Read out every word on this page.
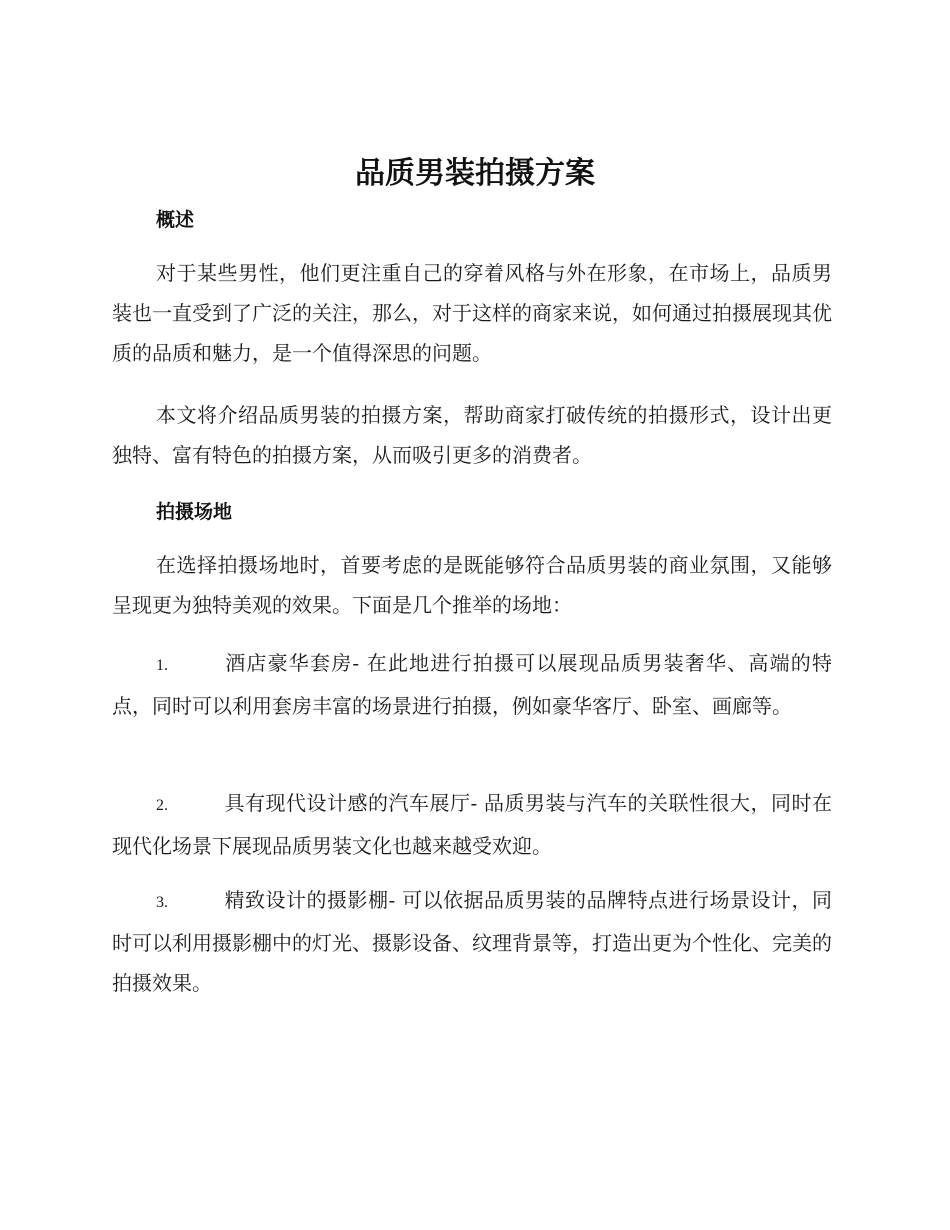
品质男装拍摄方案
概述

对于某些男性，他们更注重自己的穿着风格与外在形象，在市场上，品质男装也一直受到了广泛的关注，那么，对于这样的商家来说，如何通过拍摄展现其优质的品质和魅力，是一个值得深思的问题。

本文将介绍品质男装的拍摄方案，帮助商家打破传统的拍摄形式，设计出更独特、富有特色的拍摄方案，从而吸引更多的消费者。

拍摄场地

在选择拍摄场地时，首要考虑的是既能够符合品质男装的商业氛围，又能够呈现更为独特美观的效果。下面是几个推举的场地：

1.	酒店豪华套房- 在此地进行拍摄可以展现品质男装奢华、高端的特点，同时可以利用套房丰富的场景进行拍摄，例如豪华客厅、卧室、画廊等。

2.	具有现代设计感的汽车展厅- 品质男装与汽车的关联性很大，同时在现代化场景下展现品质男装文化也越来越受欢迎。

3.	精致设计的摄影棚- 可以依据品质男装的品牌特点进行场景设计，同时可以利用摄影棚中的灯光、摄影设备、纹理背景等，打造出更为个性化、完美的拍摄效果。
